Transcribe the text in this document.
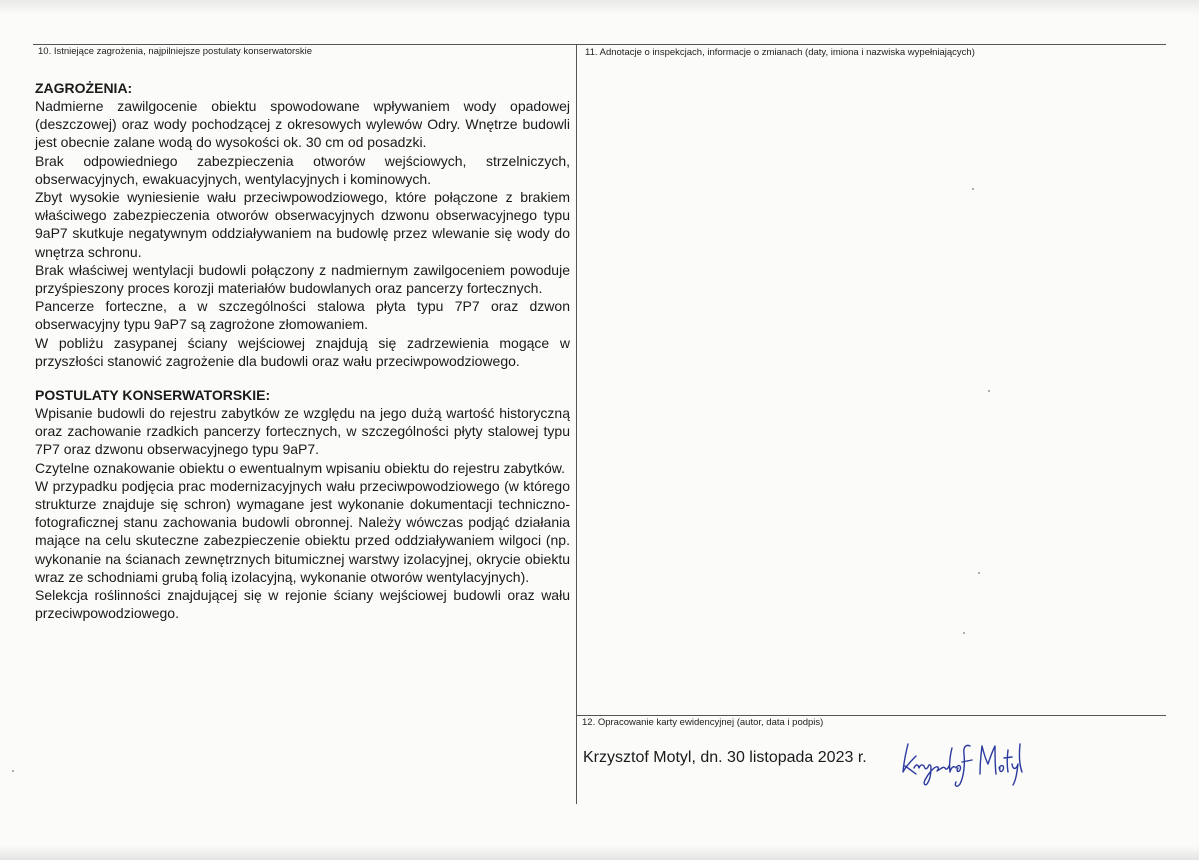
10. Istniejące zagrożenia, najpilniejsze postulaty konserwatorskie	11. Adnotacje o inspekcjach, informacje o zmianach (daty, imiona i nazwiska wypełniających)
12. Opracowanie karty ewidencyjnej (autor, data i podpis)

ZAGROŻENIA:

Nadmierne zawilgocenie obiektu spowodowane wpływaniem wody opadowej (deszczowej) oraz wody pochodzącej z okresowych wylewów Odry. Wnętrze budowli jest obecnie zalane wodą do wysokości ok. 30 cm od posadzki.

Brak odpowiedniego zabezpieczenia otworów wejściowych, strzelniczych, obserwacyjnych, ewakuacyjnych, wentylacyjnych i kominowych.

Zbyt wysokie wyniesienie wału przeciwpowodziowego, które połączone z brakiem właściwego zabezpieczenia otworów obserwacyjnych dzwonu obserwacyjnego typu 9aP7 skutkuje negatywnym oddziaływaniem na budowlę przez wlewanie się wody do wnętrza schronu.

Brak właściwej wentylacji budowli połączony z nadmiernym zawilgoceniem powoduje przyśpieszony proces korozji materiałów budowlanych oraz pancerzy fortecznych.

Pancerze forteczne, a w szczególności stalowa płyta typu 7P7 oraz dzwon obserwacyjny typu 9aP7 są zagrożone złomowaniem.

W pobliżu zasypanej ściany wejściowej znajdują się zadrzewienia mogące w przyszłości stanowić zagrożenie dla budowli oraz wału przeciwpowodziowego.

POSTULATY KONSERWATORSKIE:

Wpisanie budowli do rejestru zabytków ze względu na jego dużą wartość historyczną oraz zachowanie rzadkich pancerzy fortecznych, w szczególności płyty stalowej typu 7P7 oraz dzwonu obserwacyjnego typu 9aP7.

Czytelne oznakowanie obiektu o ewentualnym wpisaniu obiektu do rejestru zabytków.

W przypadku podjęcia prac modernizacyjnych wału przeciwpowodziowego (w którego strukturze znajduje się schron) wymagane jest wykonanie dokumentacji techniczno-fotograficznej stanu zachowania budowli obronnej. Należy wówczas podjąć działania mające na celu skuteczne zabezpieczenie obiektu przed oddziaływaniem wilgoci (np. wykonanie na ścianach zewnętrznych bitumicznej warstwy izolacyjnej, okrycie obiektu wraz ze schodniami grubą folią izolacyjną, wykonanie otworów wentylacyjnych).

Selekcja roślinności znajdującej się w rejonie ściany wejściowej budowli oraz wału przeciwpowodziowego.

Krzysztof Motyl, dn. 30 listopada 2023 r.
